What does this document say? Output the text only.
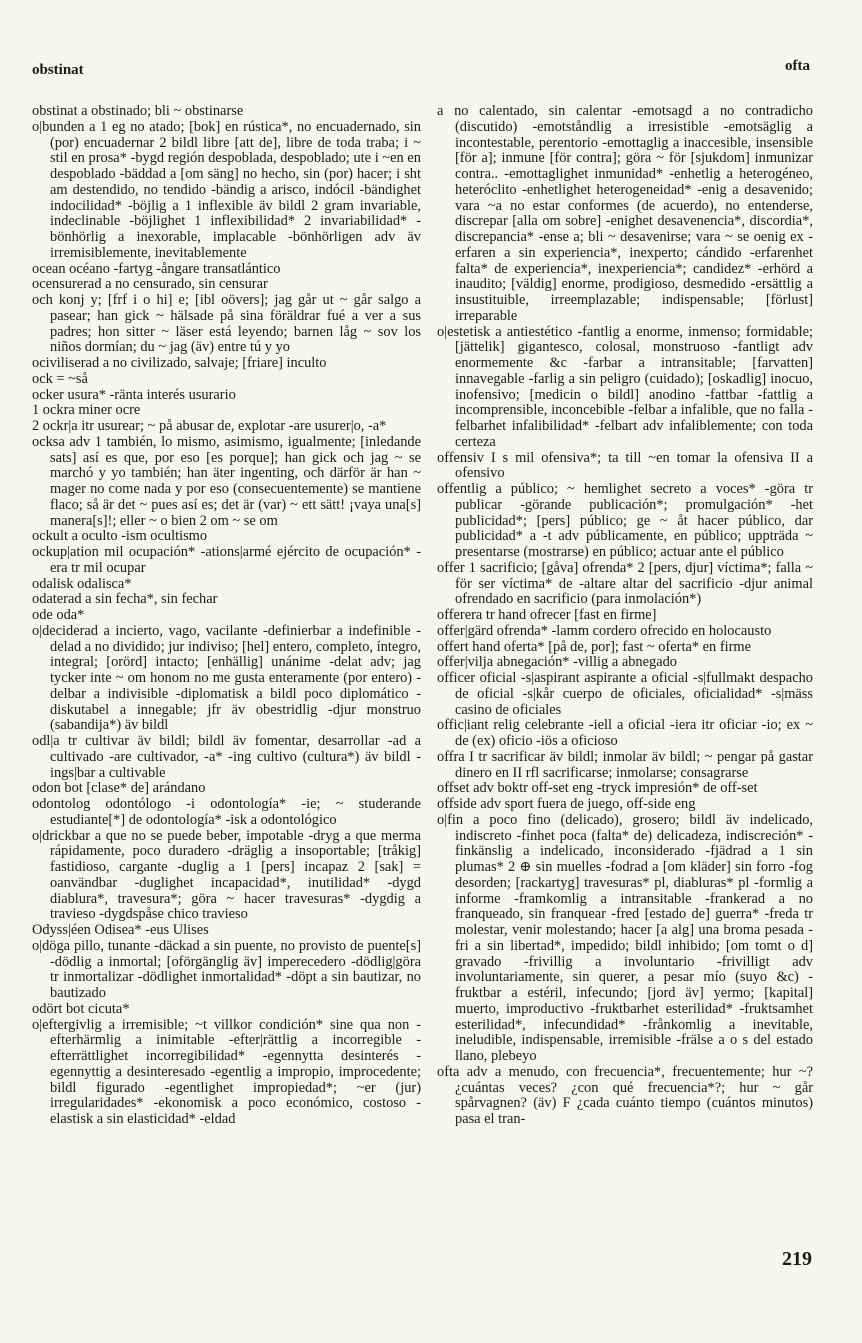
obstinat	ofta

obstinat a obstinado; bli ~ obstinarse

o|bunden a 1 eg no atado; [bok] en rústica*, no encuadernado, sin (por) encuadernar 2 bildl libre [att de], libre de toda traba; i ~ stil en prosa* -bygd región despoblada, despoblado; ute i ~en en despoblado -bäddad a [om säng] no hecho, sin (por) hacer; i sht am destendido, no tendido -bändig a arisco, indócil -bändighet indocilidad* -böjlig a 1 inflexible äv bildl 2 gram invariable, indeclinable -böjlighet 1 inflexibilidad* 2 invariabilidad* -bönhörlig a inexorable, implacable -bönhörligen adv äv irremisiblemente, inevitablemente

ocean océano -fartyg -ångare transatlántico

ocensurerad a no censurado, sin censurar

och konj y; [frf i o hi] e; [ibl oövers]; jag går ut ~ går salgo a pasear; han gick ~ hälsade på sina föräldrar fué a ver a sus padres; hon sitter ~ läser está leyendo; barnen låg ~ sov los niños dormían; du ~ jag (äv) entre tú y yo

ociviliserad a no civilizado, salvaje; [friare] inculto

ock = ~så

ocker usura* -ränta interés usurario

1 ockra miner ocre

2 ockr|a itr usurear; ~ på abusar de, explotar -are usurer|o, -a*

ocksa adv 1 también, lo mismo, asimismo, igualmente; [inledande sats] así es que, por eso [es porque]; han gick och jag ~ se marchó y yo también; han äter ingenting, och därför är han ~ mager no come nada y por eso (consecuentemente) se mantiene flaco; så är det ~ pues así es; det är (var) ~ ett sätt! ¡vaya una[s] manera[s]!; eller ~ o bien 2 om ~ se om

ockult a oculto -ism ocultismo

ockup|ation mil ocupación* -ations|armé ejército de ocupación* -era tr mil ocupar

odalisk odalisca*

odaterad a sin fecha*, sin fechar

ode oda*

o|deciderad a incierto, vago, vacilante -definierbar a indefinible -delad a no dividido; jur indiviso; [hel] entero, completo, íntegro, integral; [orörd] intacto; [enhällig] unánime -delat adv; jag tycker inte ~ om honom no me gusta enteramente (por entero) -delbar a indivisible -diplomatisk a bildl poco diplomático -diskutabel a innegable; jfr äv obestridlig -djur monstruo (sabandija*) äv bildl

odl|a tr cultivar äv bildl; bildl äv fomentar, desarrollar -ad a cultivado -are cultivador, -a* -ing cultivo (cultura*) äv bildl -ings|bar a cultivable

odon bot [clase* de] arándano

odontolog odontólogo -i odontología* -ie; ~ studerande estudiante[*] de odontología* -isk a odontológico

o|drickbar a que no se puede beber, impotable -dryg a que merma rápidamente, poco duradero -dräglig a insoportable; [tråkig] fastidioso, cargante -duglig a 1 [pers] incapaz 2 [sak] = oanvändbar -duglighet incapacidad*, inutilidad* -dygd diablura*, travesura*; göra ~ hacer travesuras* -dygdig a travieso -dygdspåse chico travieso

Odyss|éen Odisea* -eus Ulises

o|döga pillo, tunante -däckad a sin puente, no provisto de puente[s] -dödlig a inmortal; [oförgänglig äv] imperecedero -dödlig|göra tr inmortalizar -dödlighet inmortalidad* -döpt a sin bautizar, no bautizado

odört bot cicuta*

o|eftergivlig a irremisible; ~t villkor condición* sine qua non -efterhärmlig a inimitable -efter|rättlig a incorregible -efterrättlighet incorregibilidad* -egennytta desinterés -egennyttig a desinteresado -egentlig a impropio, improcedente; bildl figurado -egentlighet impropiedad*; ~er (jur) irregularidades* -ekonomisk a poco económico, costoso -elastisk a sin elasticidad* -eldad

a no calentado, sin calentar -emotsagd a no contradicho (discutido) -emotståndlig a irresistible -emotsäglig a incontestable, perentorio -emottaglig a inaccesible, insensible [för a]; inmune [för contra]; göra ~ för [sjukdom] inmunizar contra.. -emottaglighet inmunidad* -enhetlig a heterogéneo, heteróclito -enhetlighet heterogeneidad* -enig a desavenido; vara ~a no estar conformes (de acuerdo), no entenderse, discrepar [alla om sobre] -enighet desavenencia*, discordia*, discrepancia* -ense a; bli ~ desavenirse; vara ~ se oenig ex -erfaren a sin experiencia*, inexperto; cándido -erfarenhet falta* de experiencia*, inexperiencia*; candidez* -erhörd a inaudito; [väldig] enorme, prodigioso, desmedido -ersättlig a insustituible, irreemplazable; indispensable; [förlust] irreparable

o|estetisk a antiestético -fantlig a enorme, inmenso; formidable; [jättelik] gigantesco, colosal, monstruoso -fantligt adv enormemente &c -farbar a intransitable; [farvatten] innavegable -farlig a sin peligro (cuidado); [oskadlig] inocuo, inofensivo; [medicin o bildl] anodino -fattbar -fattlig a incomprensible, inconcebible -felbar a infalible, que no falla -felbarhet infalibilidad* -felbart adv infaliblemente; con toda certeza

offensiv I s mil ofensiva*; ta till ~en tomar la ofensiva II a ofensivo

offentlig a público; ~ hemlighet secreto a voces* -göra tr publicar -görande publicación*; promulgación* -het publicidad*; [pers] público; ge ~ åt hacer público, dar publicidad* a -t adv públicamente, en público; uppträda ~ presentarse (mostrarse) en público; actuar ante el público

offer 1 sacrificio; [gåva] ofrenda* 2 [pers, djur] víctima*; falla ~ för ser víctima* de -altare altar del sacrificio -djur animal ofrendado en sacrificio (para inmolación*)

offerera tr hand ofrecer [fast en firme]

offer|gärd ofrenda* -lamm cordero ofrecido en holocausto

offert hand oferta* [på de, por]; fast ~ oferta* en firme

offer|vilja abnegación* -villig a abnegado

officer oficial -s|aspirant aspirante a oficial -s|fullmakt despacho de oficial -s|kår cuerpo de oficiales, oficialidad* -s|mäss casino de oficiales

offic|iant relig celebrante -iell a oficial -iera itr oficiar -io; ex ~ de (ex) oficio -iös a oficioso

offra I tr sacrificar äv bildl; inmolar äv bildl; ~ pengar på gastar dinero en II rfl sacrificarse; inmolarse; consagrarse

offset adv boktr off-set eng -tryck impresión* de off-set

offside adv sport fuera de juego, off-side eng

o|fin a poco fino (delicado), grosero; bildl äv indelicado, indiscreto -finhet poca (falta* de) delicadeza, indiscreción* -finkänslig a indelicado, inconsiderado -fjädrad a 1 sin plumas* 2 ⊕ sin muelles -fodrad a [om kläder] sin forro -fog desorden; [rackartyg] travesuras* pl, diabluras* pl -formlig a informe -framkomlig a intransitable -frankerad a no franqueado, sin franquear -fred [estado de] guerra* -freda tr molestar, venir molestando; hacer [a alg] una broma pesada -fri a sin libertad*, impedido; bildl inhibido; [om tomt o d] gravado -frivillig a involuntario -frivilligt adv involuntariamente, sin querer, a pesar mío (suyo &c) -fruktbar a estéril, infecundo; [jord äv] yermo; [kapital] muerto, improductivo -fruktbarhet esterilidad* -fruktsamhet esterilidad*, infecundidad* -frånkomlig a inevitable, ineludible, indispensable, irremisible -frälse a o s del estado llano, plebeyo

ofta adv a menudo, con frecuencia*, frecuentemente; hur ~? ¿cuántas veces? ¿con qué frecuencia*?; hur ~ går spårvagnen? (äv) F ¿cada cuánto tiempo (cuántos minutos) pasa el tran-

219
